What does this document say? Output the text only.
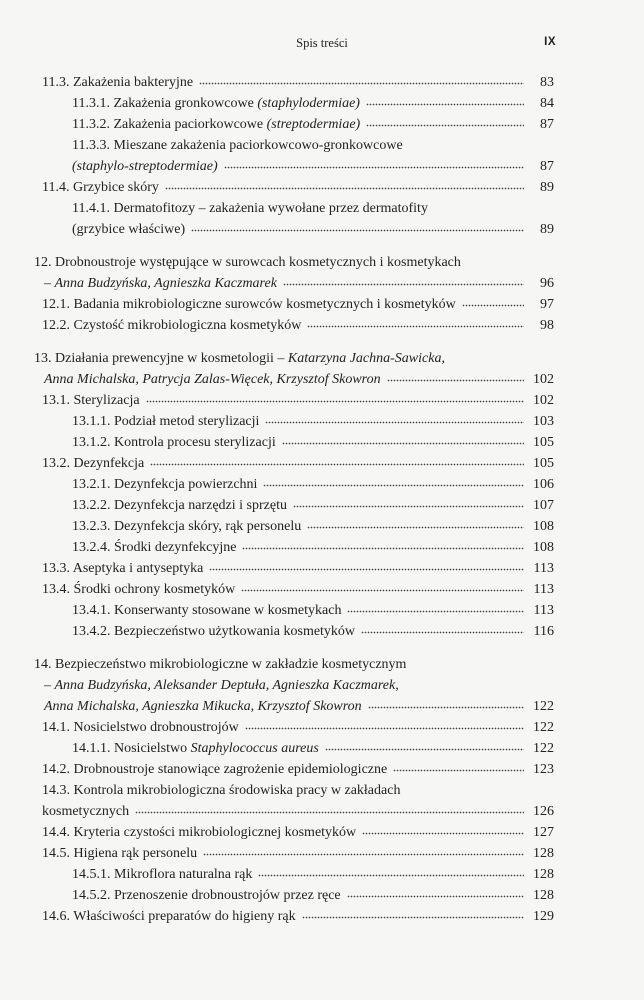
Spis treści	IX
11.3. Zakażenia bakteryjne	83
11.3.1. Zakażenia gronkowcowe (staphylodermiae)	84
11.3.2. Zakażenia paciorkowcowe (streptodermiae)	87
11.3.3. Mieszane zakażenia paciorkowcowo-gronkowcowe
(staphylo-streptodermiae)	87
11.4. Grzybice skóry	89
11.4.1. Dermatofitozy – zakażenia wywołane przez dermatofity
(grzybice właściwe)	89
12. Drobnoustroje występujące w surowcach kosmetycznych i kosmetykach
– Anna Budzyńska, Agnieszka Kaczmarek	96
12.1. Badania mikrobiologiczne surowców kosmetycznych i kosmetyków	97
12.2. Czystość mikrobiologiczna kosmetyków	98
13. Działania prewencyjne w kosmetologii – Katarzyna Jachna-Sawicka,
Anna Michalska, Patrycja Zalas-Więcek, Krzysztof Skowron	102
13.1. Sterylizacja	102
13.1.1. Podział metod sterylizacji	103
13.1.2. Kontrola procesu sterylizacji	105
13.2. Dezynfekcja	105
13.2.1. Dezynfekcja powierzchni	106
13.2.2. Dezynfekcja narzędzi i sprzętu	107
13.2.3. Dezynfekcja skóry, rąk personelu	108
13.2.4. Środki dezynfekcyjne	108
13.3. Aseptyka i antyseptyka	113
13.4. Środki ochrony kosmetyków	113
13.4.1. Konserwanty stosowane w kosmetykach	113
13.4.2. Bezpieczeństwo użytkowania kosmetyków	116
14. Bezpieczeństwo mikrobiologiczne w zakładzie kosmetycznym
– Anna Budzyńska, Aleksander Deptuła, Agnieszka Kaczmarek,
Anna Michalska, Agnieszka Mikucka, Krzysztof Skowron	122
14.1. Nosicielstwo drobnoustrojów	122
14.1.1. Nosicielstwo Staphylococcus aureus	122
14.2. Drobnoustroje stanowiące zagrożenie epidemiologiczne	123
14.3. Kontrola mikrobiologiczna środowiska pracy w zakładach
kosmetycznych	126
14.4. Kryteria czystości mikrobiologicznej kosmetyków	127
14.5. Higiena rąk personelu	128
14.5.1. Mikroflora naturalna rąk	128
14.5.2. Przenoszenie drobnoustrojów przez ręce	128
14.6. Właściwości preparatów do higieny rąk	129
